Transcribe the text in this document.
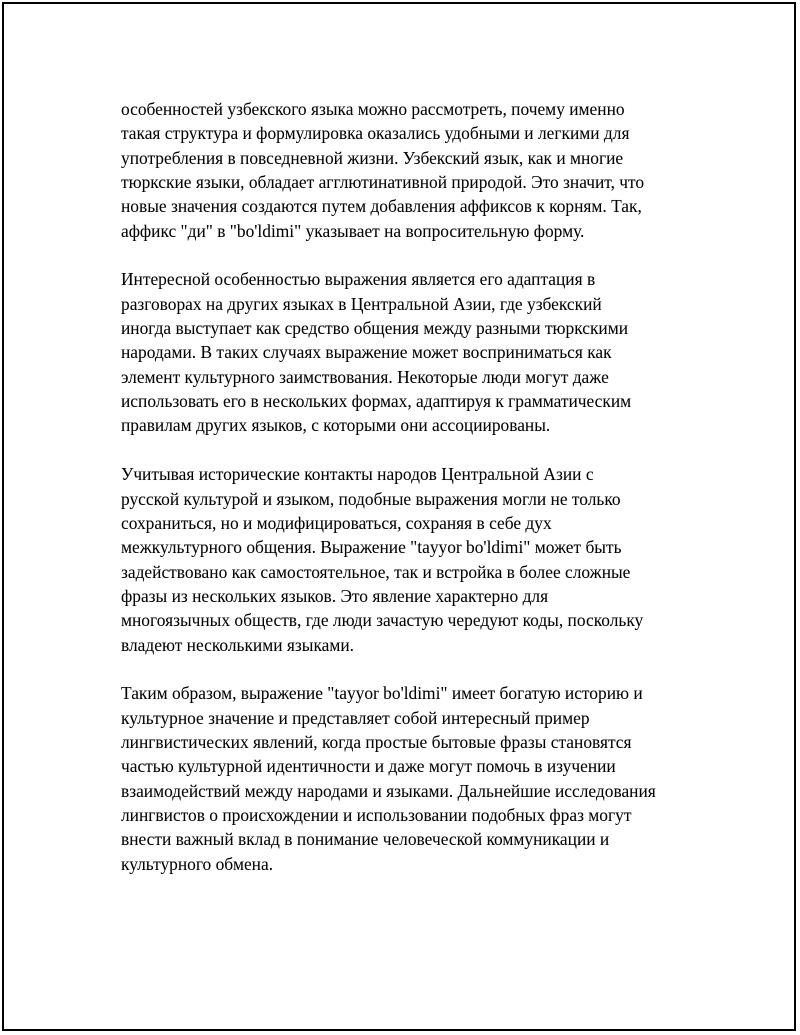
особенностей узбекского языка можно рассмотреть, почему именно
такая структура и формулировка оказались удобными и легкими для
употребления в повседневной жизни. Узбекский язык, как и многие
тюркские языки, обладает агглютинативной природой. Это значит, что
новые значения создаются путем добавления аффиксов к корням. Так,
аффикс "ди" в "bo'ldimi" указывает на вопросительную форму.

Интересной особенностью выражения является его адаптация в
разговорах на других языках в Центральной Азии, где узбекский
иногда выступает как средство общения между разными тюркскими
народами. В таких случаях выражение может восприниматься как
элемент культурного заимствования. Некоторые люди могут даже
использовать его в нескольких формах, адаптируя к грамматическим
правилам других языков, с которыми они ассоциированы.

Учитывая исторические контакты народов Центральной Азии с
русской культурой и языком, подобные выражения могли не только
сохраниться, но и модифицироваться, сохраняя в себе дух
межкультурного общения. Выражение "tayyor bo'ldimi" может быть
задействовано как самостоятельное, так и встройка в более сложные
фразы из нескольких языков. Это явление характерно для
многоязычных обществ, где люди зачастую чередуют коды, поскольку
владеют несколькими языками.

Таким образом, выражение "tayyor bo'ldimi" имеет богатую историю и
культурное значение и представляет собой интересный пример
лингвистических явлений, когда простые бытовые фразы становятся
частью культурной идентичности и даже могут помочь в изучении
взаимодействий между народами и языками. Дальнейшие исследования
лингвистов о происхождении и использовании подобных фраз могут
внести важный вклад в понимание человеческой коммуникации и
культурного обмена.
